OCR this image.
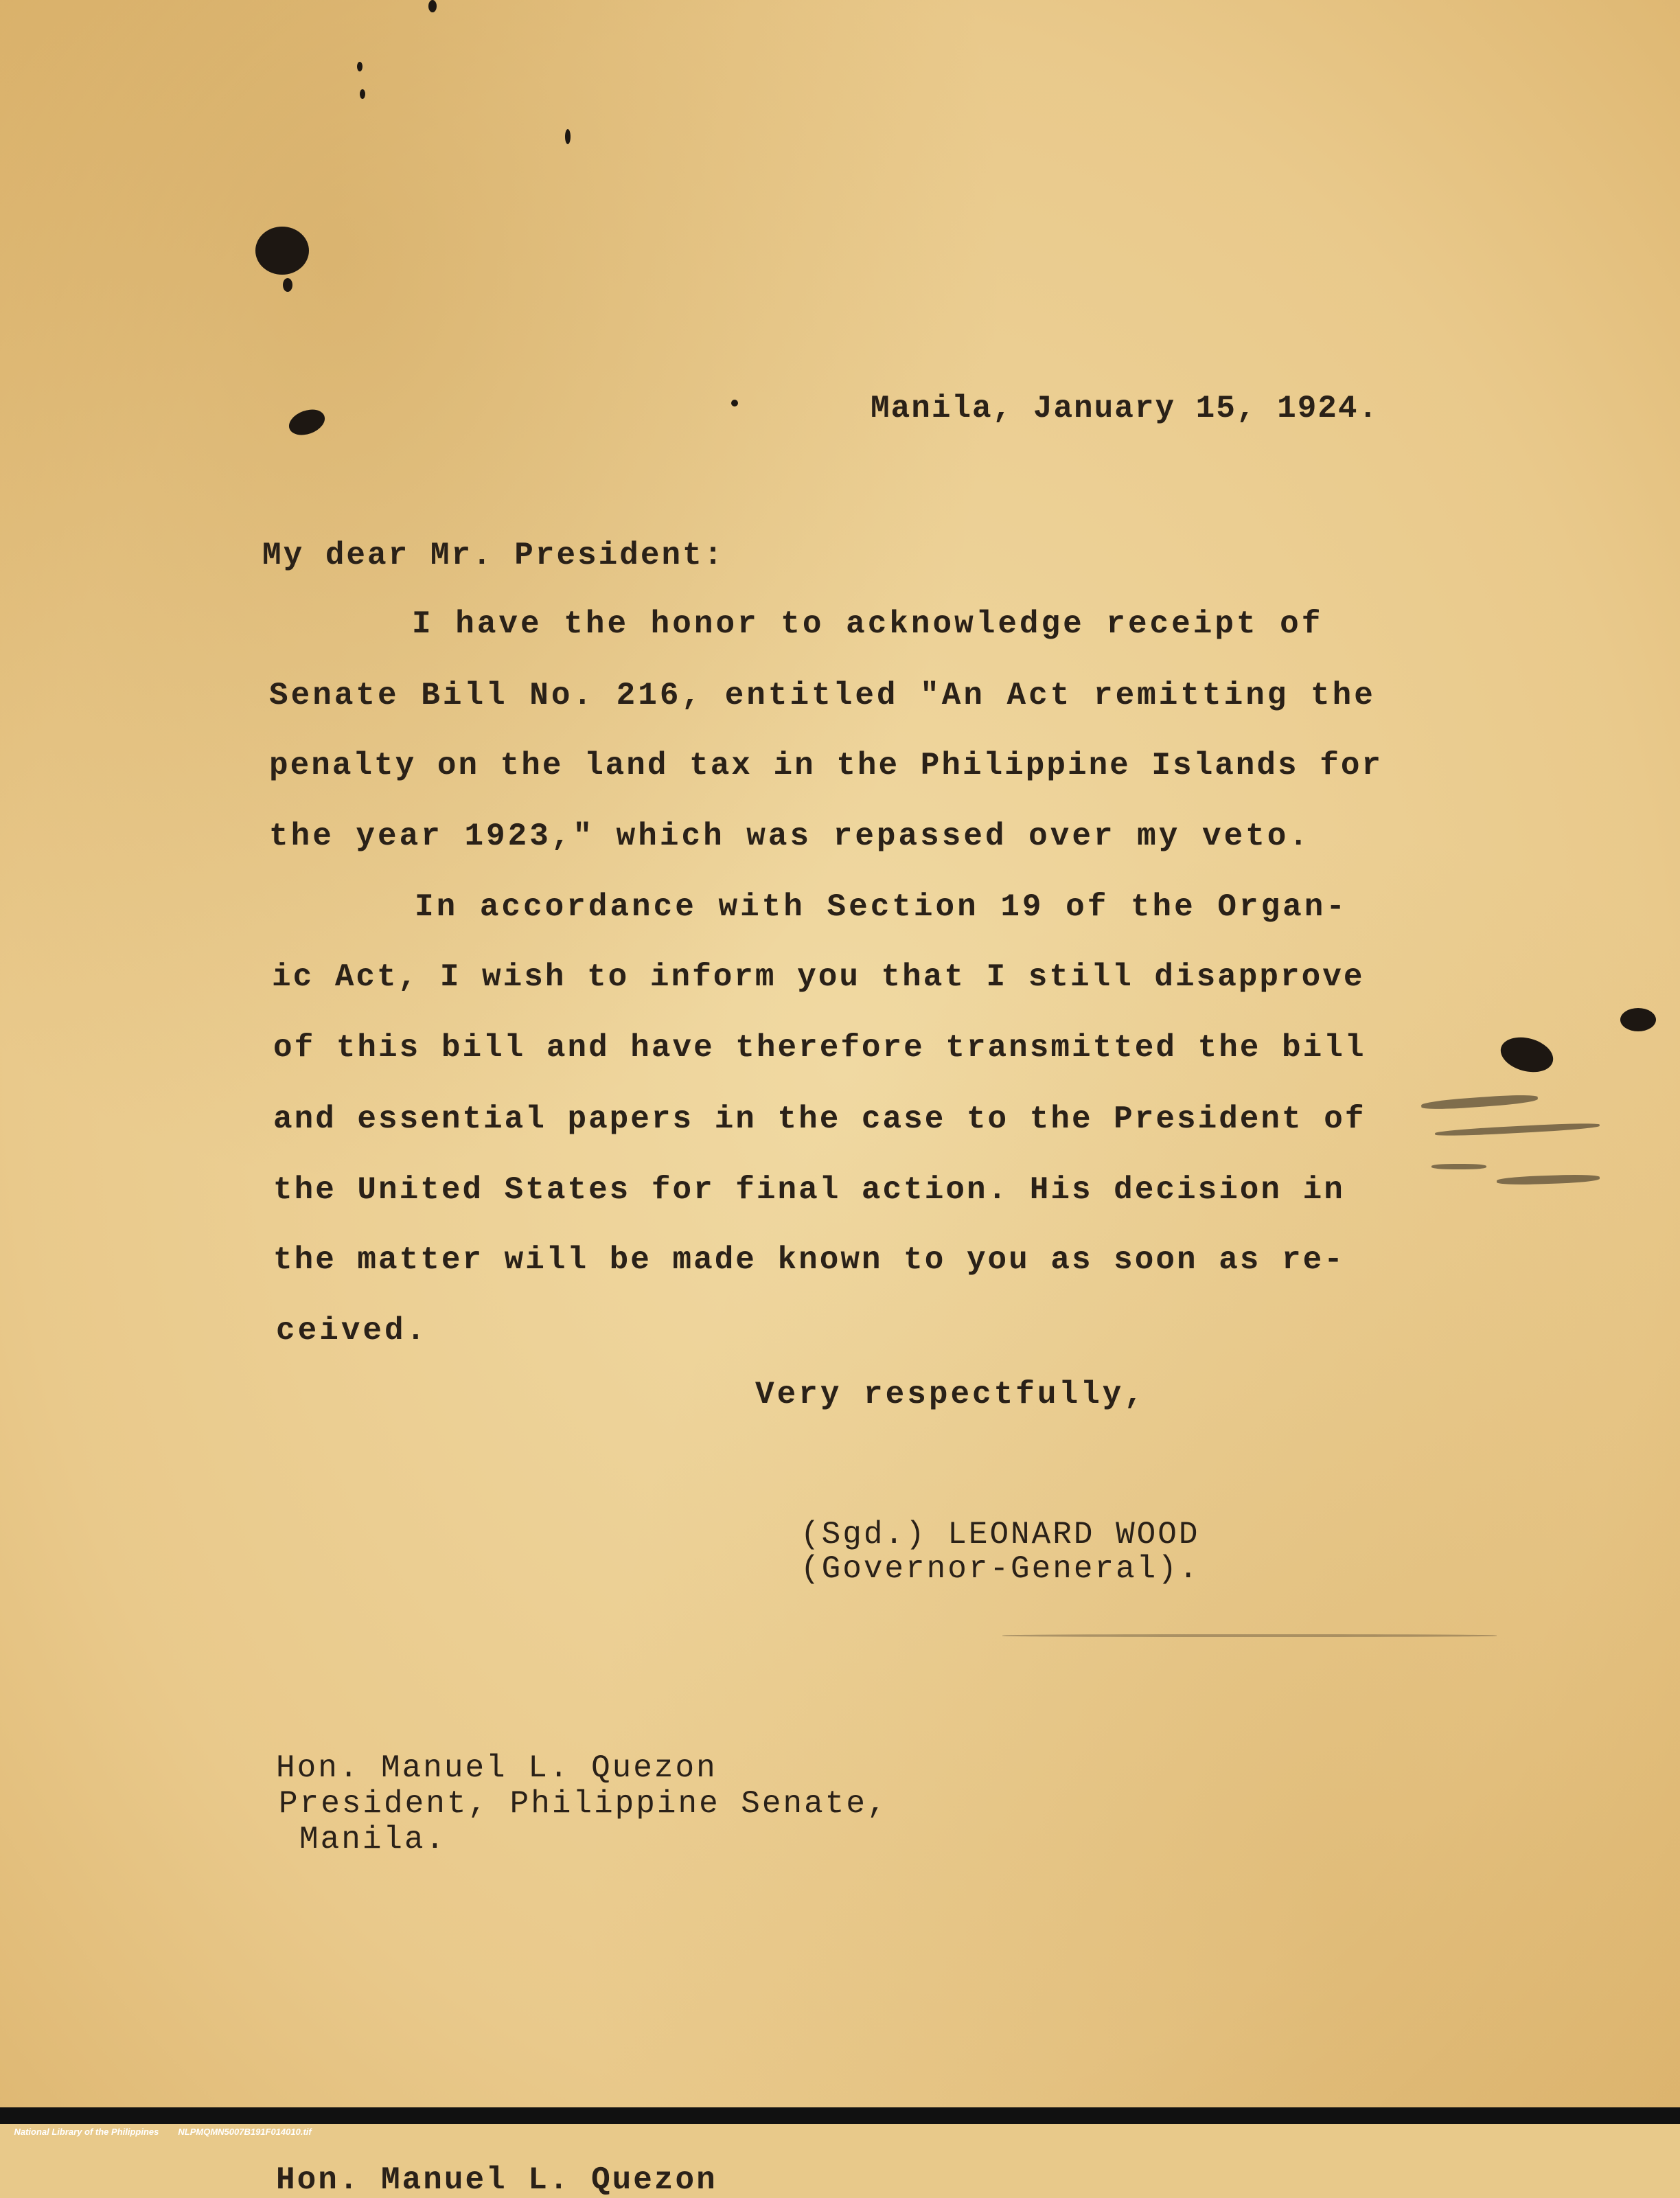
Manila, January 15, 1924.

My dear Mr. President:

I have the honor to acknowledge receipt of

Senate Bill No. 216, entitled "An Act remitting the

penalty on the land tax in the Philippine Islands for

the year 1923," which was repassed over my veto.

In accordance with Section 19 of the Organ-

ic Act, I wish to inform you that I still disapprove

of this bill and have therefore transmitted the bill

and essential papers in the case to the President of

the United States for final action. His decision in

the matter will be made known to you as soon as re-

ceived.

Very respectfully,

(Sgd.) LEONARD WOOD

(Governor-General).

Hon. Manuel L. Quezon

Hon. Manuel L. Quezon

President, Philippine Senate,

Manila.

National Library of the Philippines NLPMQMN5007B191F014010.tif
